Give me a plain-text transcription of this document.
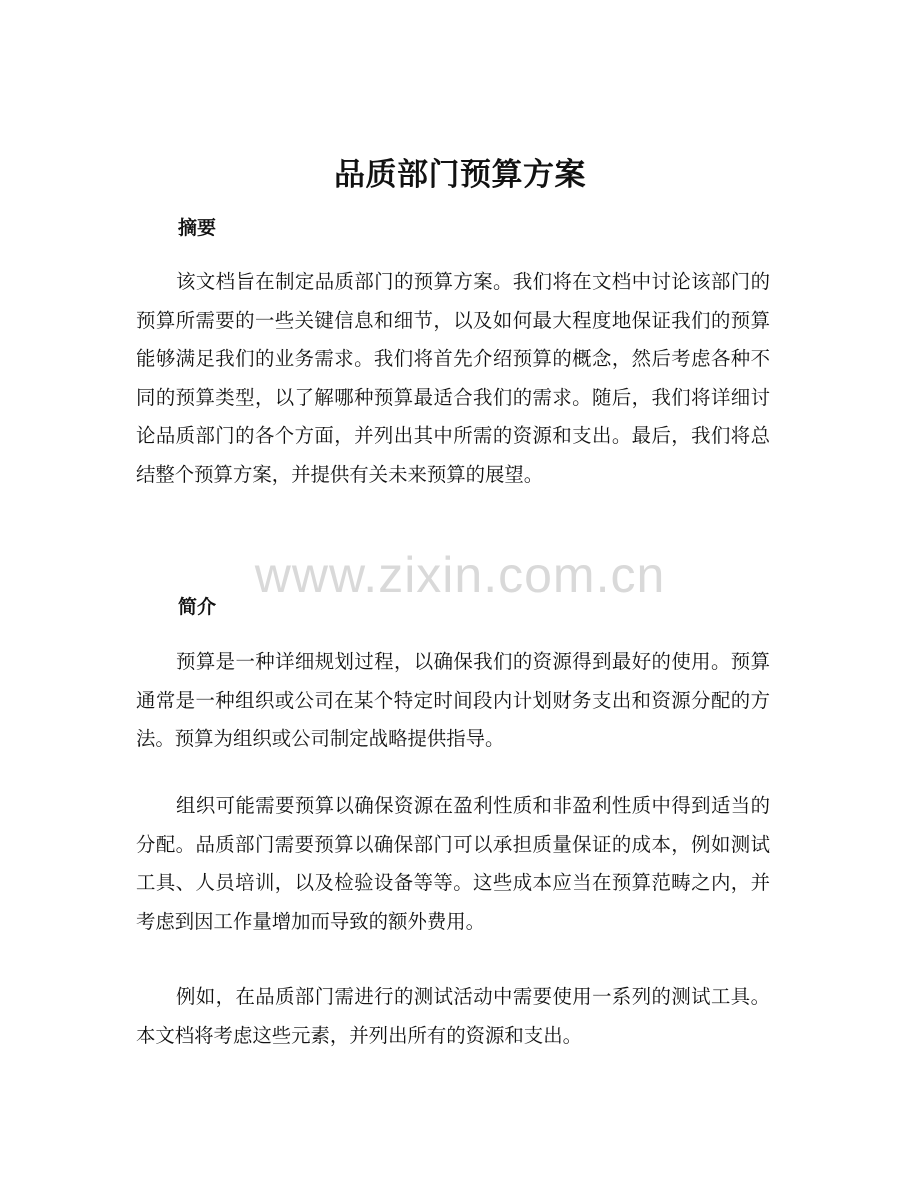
品质部门预算方案
摘要

该文档旨在制定品质部门的预算方案。我们将在文档中讨论该部门的预算所需要的一些关键信息和细节，以及如何最大程度地保证我们的预算能够满足我们的业务需求。我们将首先介绍预算的概念，然后考虑各种不同的预算类型，以了解哪种预算最适合我们的需求。随后，我们将详细讨论品质部门的各个方面，并列出其中所需的资源和支出。最后，我们将总结整个预算方案，并提供有关未来预算的展望。

www.zixin.com.cn
简介

预算是一种详细规划过程，以确保我们的资源得到最好的使用。预算通常是一种组织或公司在某个特定时间段内计划财务支出和资源分配的方法。预算为组织或公司制定战略提供指导。

组织可能需要预算以确保资源在盈利性质和非盈利性质中得到适当的分配。品质部门需要预算以确保部门可以承担质量保证的成本，例如测试工具、人员培训，以及检验设备等等。这些成本应当在预算范畴之内，并考虑到因工作量增加而导致的额外费用。

例如，在品质部门需进行的测试活动中需要使用一系列的测试工具。本文档将考虑这些元素，并列出所有的资源和支出。
